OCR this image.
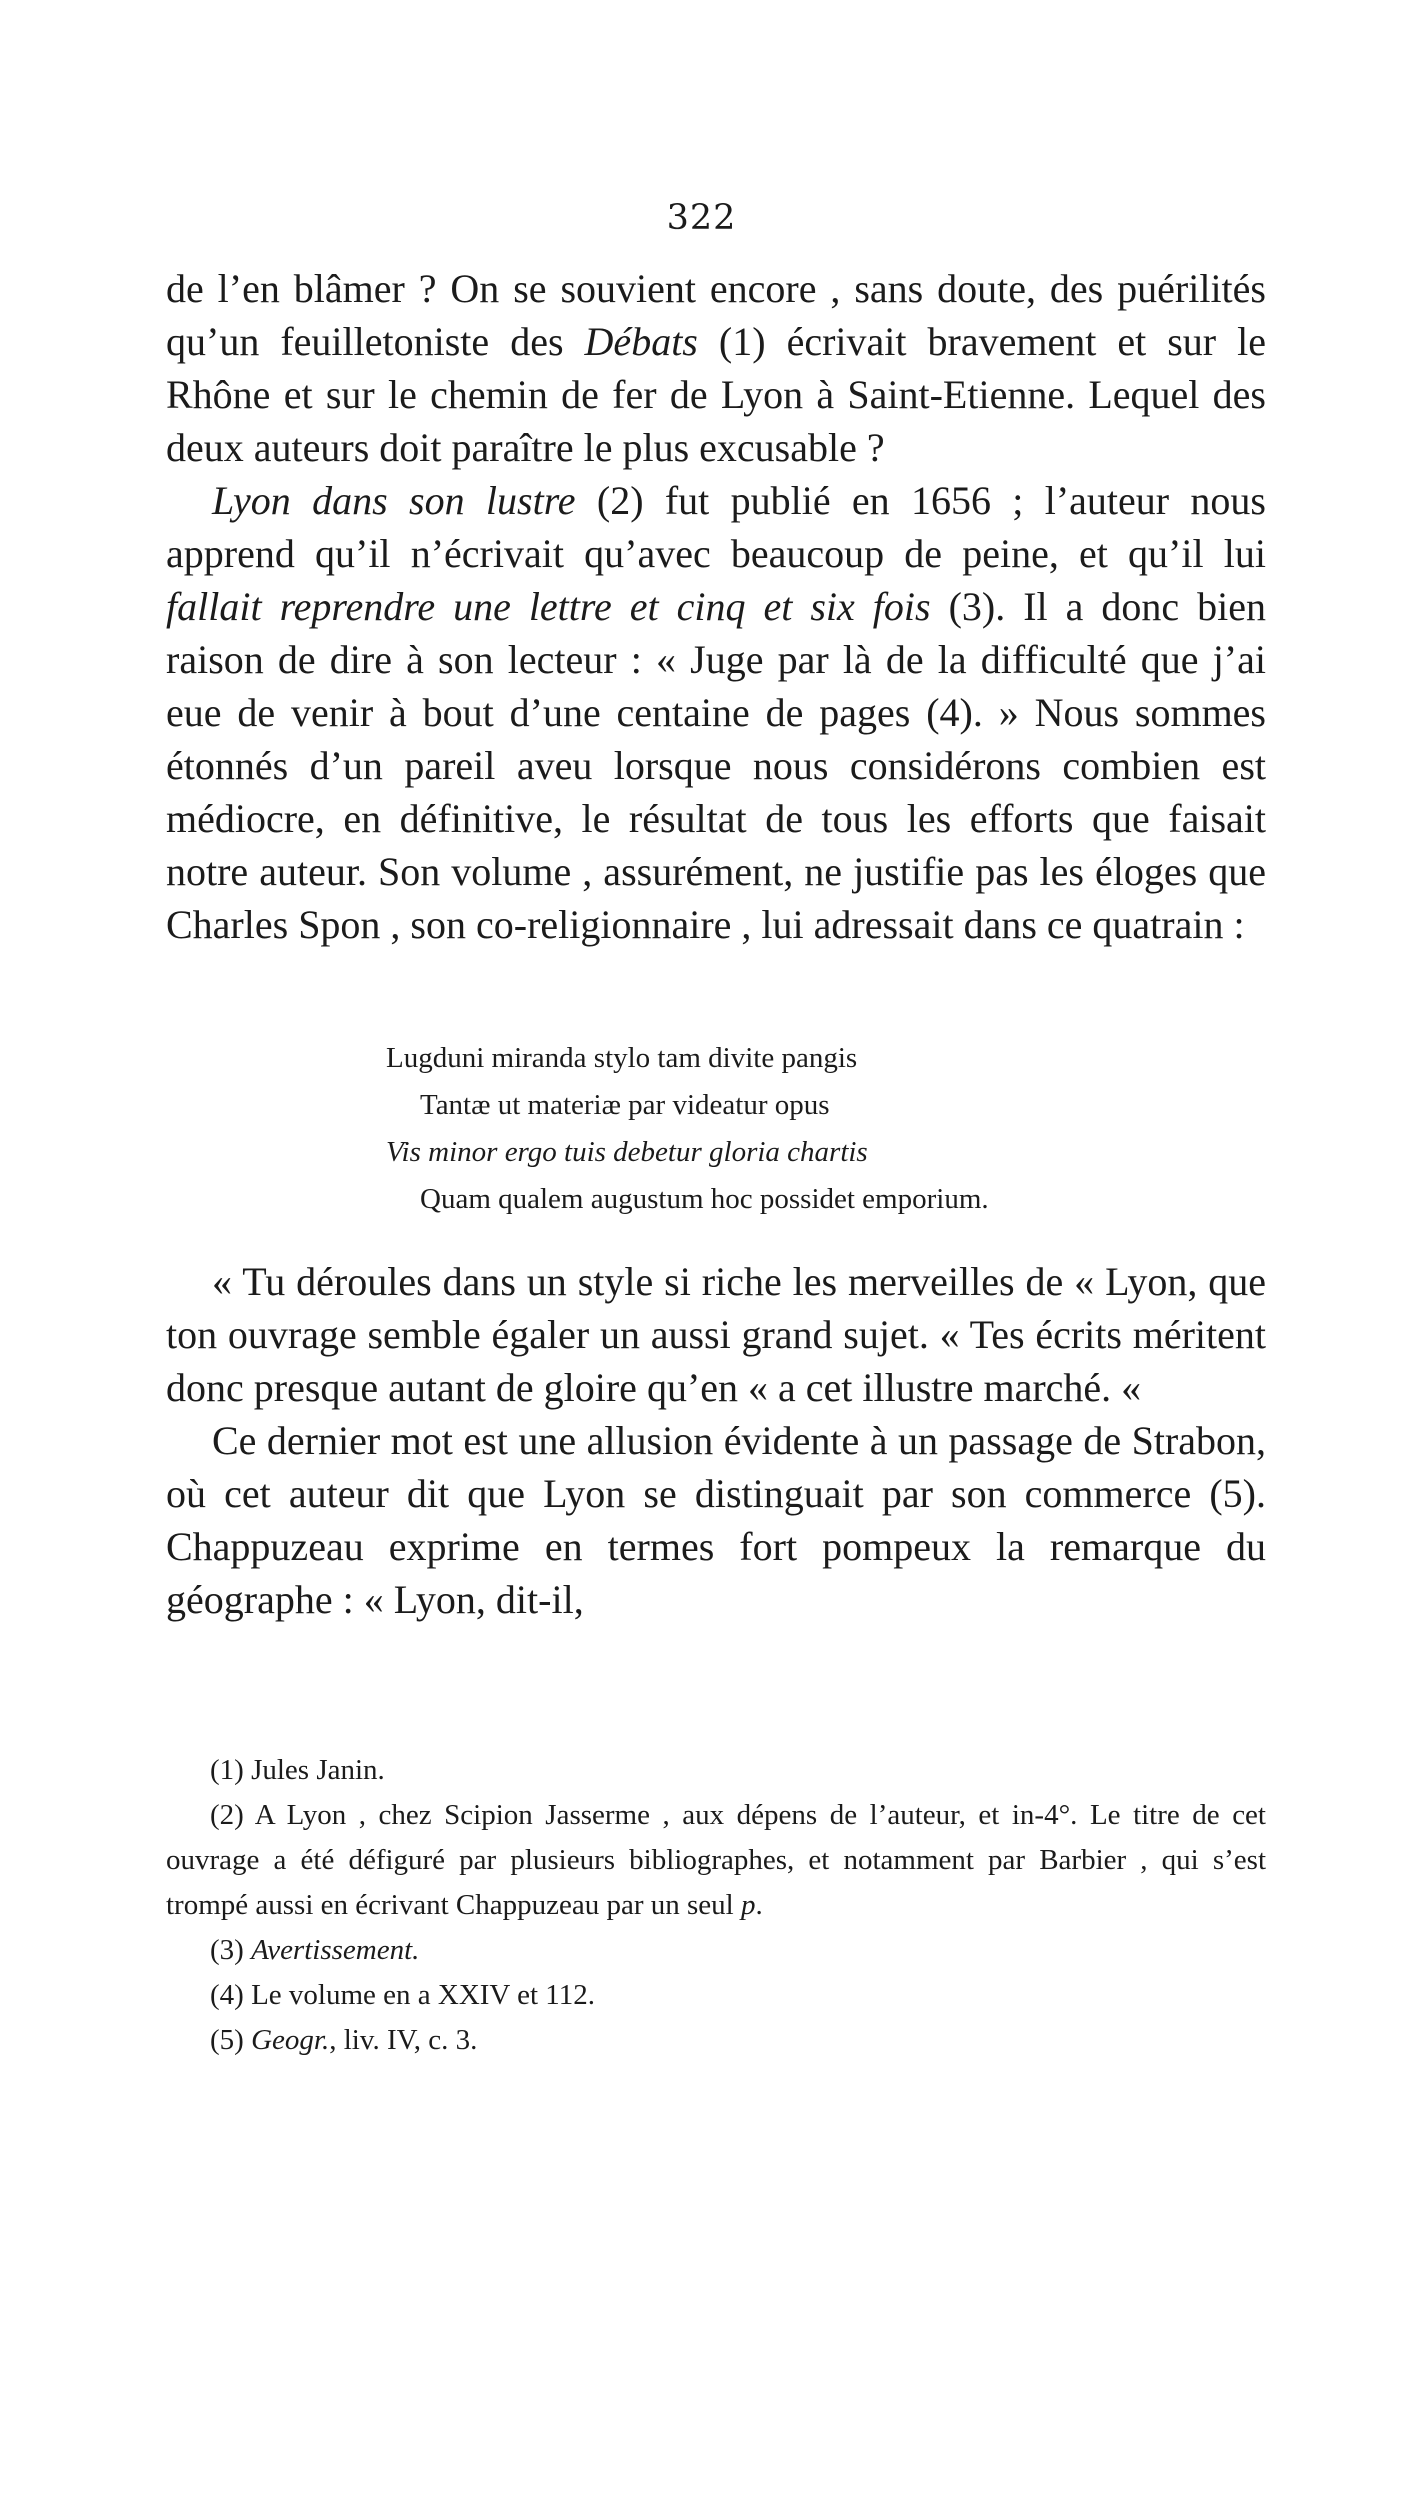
322

de l’en blâmer ? On se souvient encore , sans doute, des puérilités qu’un feuilletoniste des Débats (1) écrivait bravement et sur le Rhône et sur le chemin de fer de Lyon à Saint-Etienne. Lequel des deux auteurs doit paraître le plus excusable ?

Lyon dans son lustre (2) fut publié en 1656 ; l’auteur nous apprend qu’il n’écrivait qu’avec beaucoup de peine, et qu’il lui fallait reprendre une lettre et cinq et six fois (3). Il a donc bien raison de dire à son lecteur : « Juge par là de la difficulté que j’ai eue de venir à bout d’une centaine de pages (4). » Nous sommes étonnés d’un pareil aveu lorsque nous considérons combien est médiocre, en définitive, le résultat de tous les efforts que faisait notre auteur. Son volume , assurément, ne justifie pas les éloges que Charles Spon , son co-religionnaire , lui adressait dans ce quatrain :

Lugduni miranda stylo tam divite pangis
Tantæ ut materiæ par videatur opus
Vis minor ergo tuis debetur gloria chartis
Quam qualem augustum hoc possidet emporium.

« Tu déroules dans un style si riche les merveilles de « Lyon, que ton ouvrage semble égaler un aussi grand sujet. « Tes écrits méritent donc presque autant de gloire qu’en « a cet illustre marché. «

Ce dernier mot est une allusion évidente à un passage de Strabon, où cet auteur dit que Lyon se distinguait par son commerce (5). Chappuzeau exprime en termes fort pompeux la remarque du géographe : « Lyon, dit-il,

(1) Jules Janin.

(2) A Lyon , chez Scipion Jasserme , aux dépens de l’auteur, et in-4°. Le titre de cet ouvrage a été défiguré par plusieurs bibliographes, et notamment par Barbier , qui s’est trompé aussi en écrivant Chappuzeau par un seul p.

(3) Avertissement.

(4) Le volume en a XXIV et 112.

(5) Geogr., liv. IV, c. 3.
